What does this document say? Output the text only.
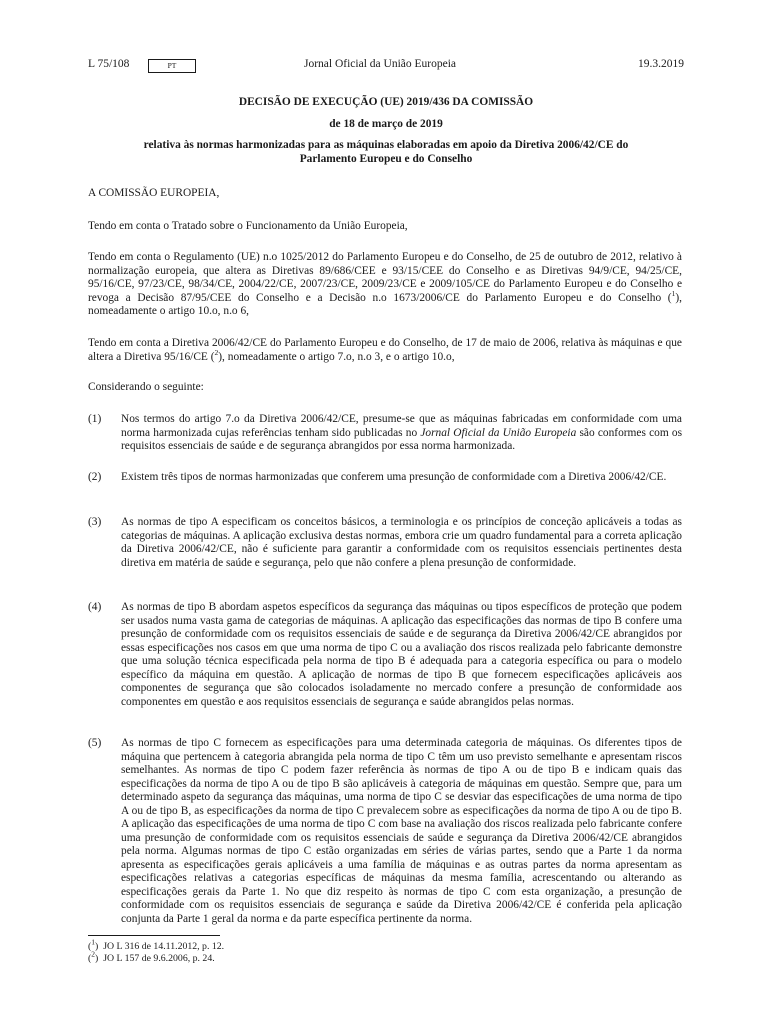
L 75/108	PT	Jornal Oficial da União Europeia	19.3.2019
DECISÃO DE EXECUÇÃO (UE) 2019/436 DA COMISSÃO
de 18 de março de 2019
relativa às normas harmonizadas para as máquinas elaboradas em apoio da Diretiva 2006/42/CE do Parlamento Europeu e do Conselho
A COMISSÃO EUROPEIA,
Tendo em conta o Tratado sobre o Funcionamento da União Europeia,
Tendo em conta o Regulamento (UE) n.o 1025/2012 do Parlamento Europeu e do Conselho, de 25 de outubro de 2012, relativo à normalização europeia, que altera as Diretivas 89/686/CEE e 93/15/CEE do Conselho e as Diretivas 94/9/CE, 94/25/CE, 95/16/CE, 97/23/CE, 98/34/CE, 2004/22/CE, 2007/23/CE, 2009/23/CE e 2009/105/CE do Parlamento Europeu e do Conselho e revoga a Decisão 87/95/CEE do Conselho e a Decisão n.o 1673/2006/CE do Parlamento Europeu e do Conselho ($^1$), nomeadamente o artigo 10.o, n.o 6,
Tendo em conta a Diretiva 2006/42/CE do Parlamento Europeu e do Conselho, de 17 de maio de 2006, relativa às máquinas e que altera a Diretiva 95/16/CE ($^2$), nomeadamente o artigo 7.o, n.o 3, e o artigo 10.o,
Considerando o seguinte:
(1) Nos termos do artigo 7.o da Diretiva 2006/42/CE, presume-se que as máquinas fabricadas em conformidade com uma norma harmonizada cujas referências tenham sido publicadas no Jornal Oficial da União Europeia são conformes com os requisitos essenciais de saúde e de segurança abrangidos por essa norma harmonizada.
(2) Existem três tipos de normas harmonizadas que conferem uma presunção de conformidade com a Diretiva 2006/42/CE.
(3) As normas de tipo A especificam os conceitos básicos, a terminologia e os princípios de conceção aplicáveis a todas as categorias de máquinas. A aplicação exclusiva destas normas, embora crie um quadro fundamental para a correta aplicação da Diretiva 2006/42/CE, não é suficiente para garantir a conformidade com os requisitos essenciais pertinentes desta diretiva em matéria de saúde e segurança, pelo que não confere a plena presunção de conformidade.
(4) As normas de tipo B abordam aspetos específicos da segurança das máquinas ou tipos específicos de proteção que podem ser usados numa vasta gama de categorias de máquinas. A aplicação das especificações das normas de tipo B confere uma presunção de conformidade com os requisitos essenciais de saúde e de segurança da Diretiva 2006/42/CE abrangidos por essas especificações nos casos em que uma norma de tipo C ou a avaliação dos riscos realizada pelo fabricante demonstre que uma solução técnica especificada pela norma de tipo B é adequada para a categoria específica ou para o modelo específico da máquina em questão. A aplicação de normas de tipo B que fornecem especificações aplicáveis aos componentes de segurança que são colocados isoladamente no mercado confere a presunção de conformidade aos componentes em questão e aos requisitos essenciais de segurança e saúde abrangidos pelas normas.
(5) As normas de tipo C fornecem as especificações para uma determinada categoria de máquinas. Os diferentes tipos de máquina que pertencem à categoria abrangida pela norma de tipo C têm um uso previsto semelhante e apresentam riscos semelhantes. As normas de tipo C podem fazer referência às normas de tipo A ou de tipo B e indicam quais das especificações da norma de tipo A ou de tipo B são aplicáveis à categoria de máquinas em questão. Sempre que, para um determinado aspeto da segurança das máquinas, uma norma de tipo C se desviar das especificações de uma norma de tipo A ou de tipo B, as especificações da norma de tipo C prevalecem sobre as especificações da norma de tipo A ou de tipo B. A aplicação das especificações de uma norma de tipo C com base na avaliação dos riscos realizada pelo fabricante confere uma presunção de conformidade com os requisitos essenciais de saúde e segurança da Diretiva 2006/42/CE abrangidos pela norma. Algumas normas de tipo C estão organizadas em séries de várias partes, sendo que a Parte 1 da norma apresenta as especificações gerais aplicáveis a uma família de máquinas e as outras partes da norma apresentam as especificações relativas a categorias específicas de máquinas da mesma família, acrescentando ou alterando as especificações gerais da Parte 1. No que diz respeito às normas de tipo C com esta organização, a presunção de conformidade com os requisitos essenciais de segurança e saúde da Diretiva 2006/42/CE é conferida pela aplicação conjunta da Parte 1 geral da norma e da parte específica pertinente da norma.
($^1$)  JO L 316 de 14.11.2012, p. 12.
($^2$)  JO L 157 de 9.6.2006, p. 24.
